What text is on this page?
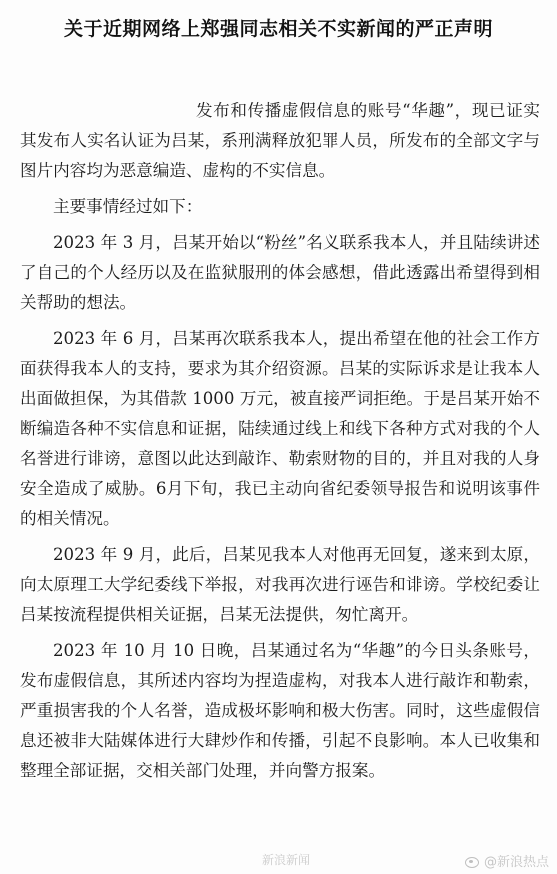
关于近期网络上郑强同志相关不实新闻的严正声明

发布和传播虚假信息的账号“华趣”，现已证实其发布人实名认证为吕某，系刑满释放犯罪人员，所发布的全部文字与图片内容均为恶意编造、虚构的不实信息。

主要事情经过如下：

2023 年 3 月，吕某开始以“粉丝”名义联系我本人，并且陆续讲述了自己的个人经历以及在监狱服刑的体会感想，借此透露出希望得到相关帮助的想法。

2023 年 6 月，吕某再次联系我本人，提出希望在他的社会工作方面获得我本人的支持，要求为其介绍资源。吕某的实际诉求是让我本人出面做担保，为其借款 1000 万元，被直接严词拒绝。于是吕某开始不断编造各种不实信息和证据，陆续通过线上和线下各种方式对我的个人名誉进行诽谤，意图以此达到敲诈、勒索财物的目的，并且对我的人身安全造成了威胁。6月下旬，我已主动向省纪委领导报告和说明该事件的相关情况。

2023 年 9 月，此后，吕某见我本人对他再无回复，遂来到太原，向太原理工大学纪委线下举报，对我再次进行诬告和诽谤。学校纪委让吕某按流程提供相关证据，吕某无法提供，匆忙离开。

2023 年 10 月 10 日晚，吕某通过名为“华趣”的今日头条账号，发布虚假信息，其所述内容均为捏造虚构，对我本人进行敲诈和勒索，严重损害我的个人名誉，造成极坏影响和极大伤害。同时，这些虚假信息还被非大陆媒体进行大肆炒作和传播，引起不良影响。本人已收集和整理全部证据，交相关部门处理，并向警方报案。

新浪新闻	@新浪热点
